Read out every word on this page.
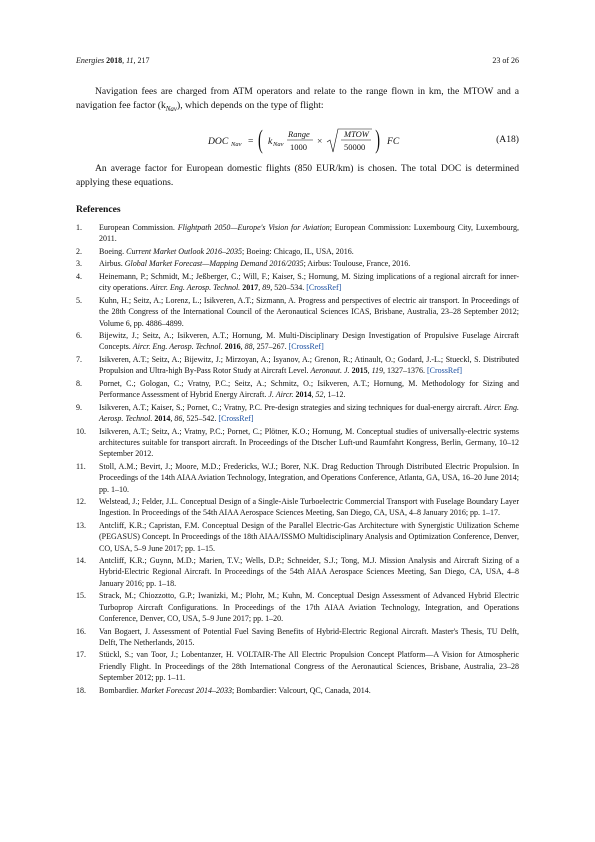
Energies 2018, 11, 217	23 of 26

Navigation fees are charged from ATM operators and relate to the range flown in km, the MTOW and a navigation fee factor $(k_{Nav})$, which depends on the type of flight:

DOC Nav = ( k Nav
Range
1000 ×
MTOW
50000 ) FC	(A18)

An average factor for European domestic flights (850 EUR/km) is chosen. The total DOC is determined applying these equations.

References
1. European Commission. Flightpath 2050—Europe's Vision for Aviation; European Commission: Luxembourg City, Luxembourg, 2011.
2. Boeing. Current Market Outlook 2016–2035; Boeing: Chicago, IL, USA, 2016.
3. Airbus. Global Market Forecast—Mapping Demand 2016/2035; Airbus: Toulouse, France, 2016.
4. Heinemann, P.; Schmidt, M.; Jeßberger, C.; Will, F.; Kaiser, S.; Hornung, M. Sizing implications of a regional aircraft for inner-city operations. Aircr. Eng. Aerosp. Technol. 2017, 89, 520–534. [CrossRef]
5. Kuhn, H.; Seitz, A.; Lorenz, L.; Isikveren, A.T.; Sizmann, A. Progress and perspectives of electric air transport. In Proceedings of the 28th Congress of the International Council of the Aeronautical Sciences ICAS, Brisbane, Australia, 23–28 September 2012; Volume 6, pp. 4886–4899.
6. Bijewitz, J.; Seitz, A.; Isikveren, A.T.; Hornung, M. Multi-Disciplinary Design Investigation of Propulsive Fuselage Aircraft Concepts. Aircr. Eng. Aerosp. Technol. 2016, 88, 257–267. [CrossRef]
7. Isikveren, A.T.; Seitz, A.; Bijewitz, J.; Mirzoyan, A.; Isyanov, A.; Grenon, R.; Atinault, O.; Godard, J.-L.; Stueckl, S. Distributed Propulsion and Ultra-high By-Pass Rotor Study at Aircraft Level. Aeronaut. J. 2015, 119, 1327–1376. [CrossRef]
8. Pornet, C.; Gologan, C.; Vratny, P.C.; Seitz, A.; Schmitz, O.; Isikveren, A.T.; Hornung, M. Methodology for Sizing and Performance Assessment of Hybrid Energy Aircraft. J. Aircr. 2014, 52, 1–12.
9. Isikveren, A.T.; Kaiser, S.; Pornet, C.; Vratny, P.C. Pre-design strategies and sizing techniques for dual-energy aircraft. Aircr. Eng. Aerosp. Technol. 2014, 86, 525–542. [CrossRef]
10. Isikveren, A.T.; Seitz, A.; Vratny, P.C.; Pornet, C.; Plötner, K.O.; Hornung, M. Conceptual studies of universally-electric systems architectures suitable for transport aircraft. In Proceedings of the Dtscher Luft-und Raumfahrt Kongress, Berlin, Germany, 10–12 September 2012.
11. Stoll, A.M.; Bevirt, J.; Moore, M.D.; Fredericks, W.J.; Borer, N.K. Drag Reduction Through Distributed Electric Propulsion. In Proceedings of the 14th AIAA Aviation Technology, Integration, and Operations Conference, Atlanta, GA, USA, 16–20 June 2014; pp. 1–10.
12. Welstead, J.; Felder, J.L. Conceptual Design of a Single-Aisle Turboelectric Commercial Transport with Fuselage Boundary Layer Ingestion. In Proceedings of the 54th AIAA Aerospace Sciences Meeting, San Diego, CA, USA, 4–8 January 2016; pp. 1–17.
13. Antcliff, K.R.; Capristan, F.M. Conceptual Design of the Parallel Electric-Gas Architecture with Synergistic Utilization Scheme (PEGASUS) Concept. In Proceedings of the 18th AIAA/ISSMO Multidisciplinary Analysis and Optimization Conference, Denver, CO, USA, 5–9 June 2017; pp. 1–15.
14. Antcliff, K.R.; Guynn, M.D.; Marien, T.V.; Wells, D.P.; Schneider, S.J.; Tong, M.J. Mission Analysis and Aircraft Sizing of a Hybrid-Electric Regional Aircraft. In Proceedings of the 54th AIAA Aerospace Sciences Meeting, San Diego, CA, USA, 4–8 January 2016; pp. 1–18.
15. Strack, M.; Chiozzotto, G.P.; Iwanizki, M.; Plohr, M.; Kuhn, M. Conceptual Design Assessment of Advanced Hybrid Electric Turboprop Aircraft Configurations. In Proceedings of the 17th AIAA Aviation Technology, Integration, and Operations Conference, Denver, CO, USA, 5–9 June 2017; pp. 1–20.
16. Van Bogaert, J. Assessment of Potential Fuel Saving Benefits of Hybrid-Electric Regional Aircraft. Master's Thesis, TU Delft, Delft, The Netherlands, 2015.
17. Stückl, S.; van Toor, J.; Lobentanzer, H. VOLTAIR-The All Electric Propulsion Concept Platform—A Vision for Atmospheric Friendly Flight. In Proceedings of the 28th International Congress of the Aeronautical Sciences, Brisbane, Australia, 23–28 September 2012; pp. 1–11.
18. Bombardier. Market Forecast 2014–2033; Bombardier: Valcourt, QC, Canada, 2014.
